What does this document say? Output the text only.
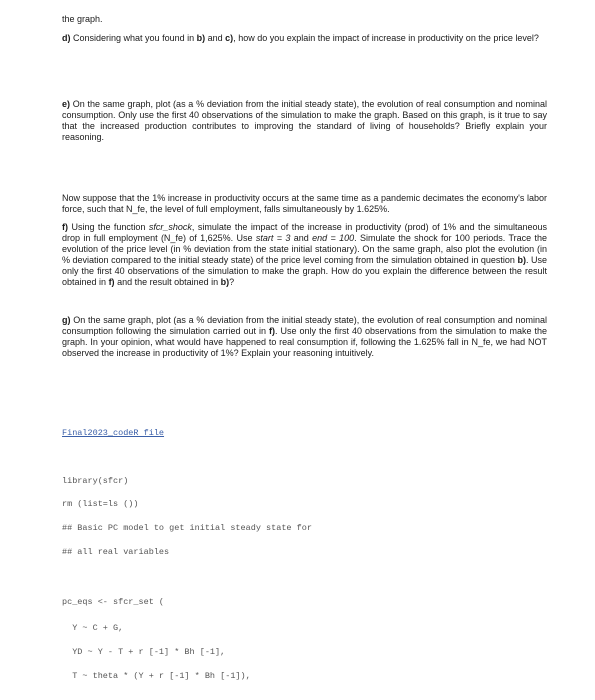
the graph.

d) Considering what you found in b) and c), how do you explain the impact of increase in productivity on the price level?

e) On the same graph, plot (as a % deviation from the initial steady state), the evolution of real consumption and nominal consumption. Only use the first 40 observations of the simulation to make the graph. Based on this graph, is it true to say that the increased production contributes to improving the standard of living of households? Briefly explain your reasoning.

Now suppose that the 1% increase in productivity occurs at the same time as a pandemic decimates the economy's labor force, such that N_fe, the level of full employment, falls simultaneously by 1.625%.

f) Using the function sfcr_shock, simulate the impact of the increase in productivity (prod) of 1% and the simultaneous drop in full employment (N_fe) of 1,625%. Use start = 3 and end = 100. Simulate the shock for 100 periods. Trace the evolution of the price level (in % deviation from the state initial stationary). On the same graph, also plot the evolution (in % deviation compared to the initial steady state) of the price level coming from the simulation obtained in question b). Use only the first 40 observations of the simulation to make the graph. How do you explain the difference between the result obtained in f) and the result obtained in b)?

g) On the same graph, plot (as a % deviation from the initial steady state), the evolution of real consumption and nominal consumption following the simulation carried out in f). Use only the first 40 observations from the simulation to make the graph. In your opinion, what would have happened to real consumption if, following the 1.625% fall in N_fe, we had NOT observed the increase in productivity of 1%? Explain your reasoning intuitively.

Final2023_codeR file

library(sfcr)

rm (list=ls ())

## Basic PC model to get initial steady state for

## all real variables

pc_eqs <- sfcr_set (

Y ~ C + G,

YD ~ Y - T + r [-1] * Bh [-1],

T ~ theta * (Y + r [-1] * Bh [-1]),
